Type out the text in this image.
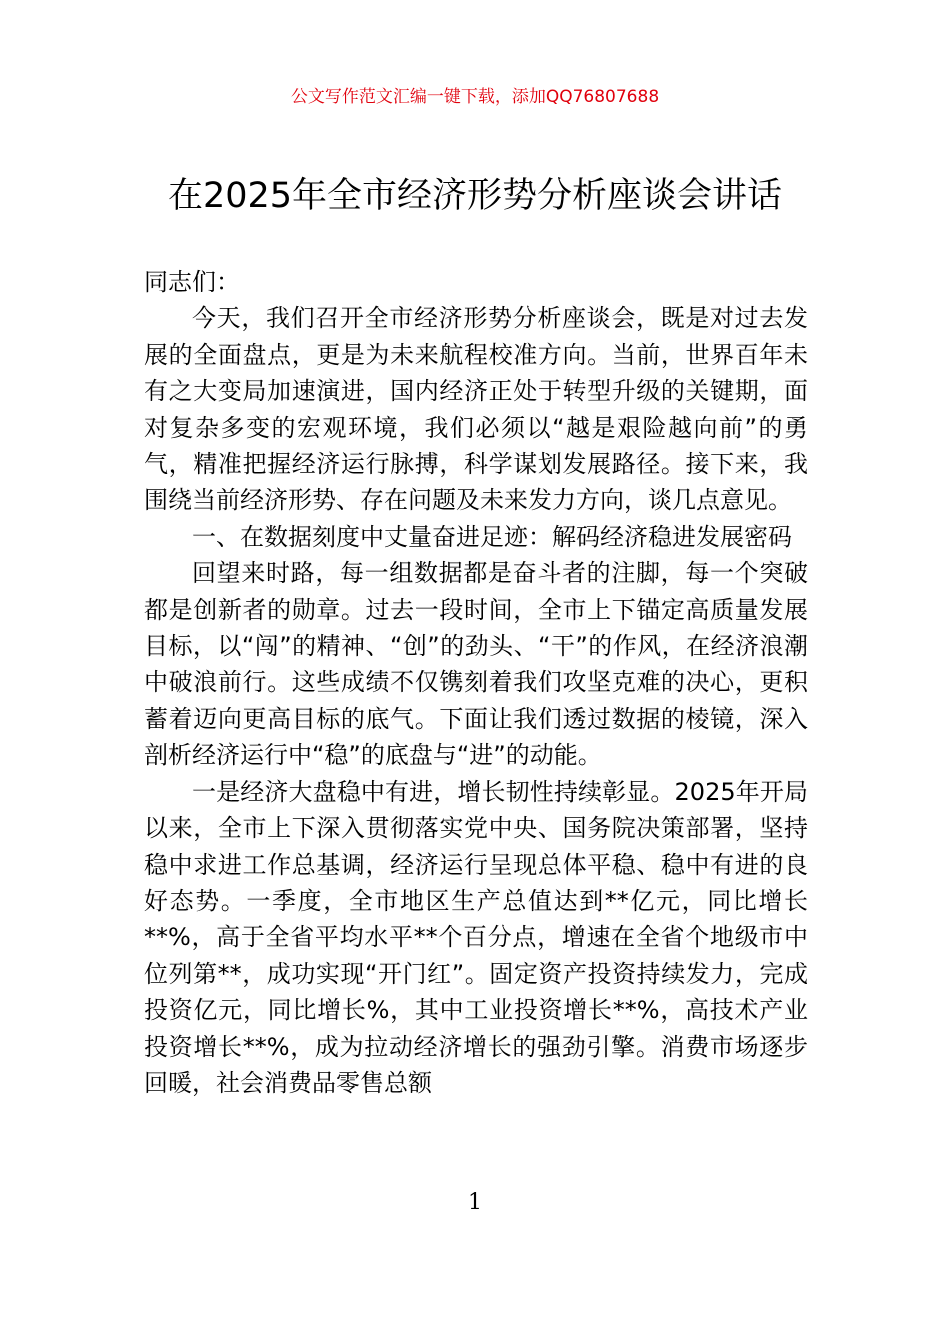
公文写作范文汇编一键下载，添加QQ76807688
在2025年全市经济形势分析座谈会讲话

同志们：

今天，我们召开全市经济形势分析座谈会，既是对过去发展的全面盘点，更是为未来航程校准方向。当前，世界百年未有之大变局加速演进，国内经济正处于转型升级的关键期，面对复杂多变的宏观环境，我们必须以“越是艰险越向前”的勇气，精准把握经济运行脉搏，科学谋划发展路径。接下来，我围绕当前经济形势、存在问题及未来发力方向，谈几点意见。

一、在数据刻度中丈量奋进足迹：解码经济稳进发展密码

回望来时路，每一组数据都是奋斗者的注脚，每一个突破都是创新者的勋章。过去一段时间，全市上下锚定高质量发展目标，以“闯”的精神、“创”的劲头、“干”的作风，在经济浪潮中破浪前行。这些成绩不仅镌刻着我们攻坚克难的决心，更积蓄着迈向更高目标的底气。下面让我们透过数据的棱镜，深入剖析经济运行中“稳”的底盘与“进”的动能。

一是经济大盘稳中有进，增长韧性持续彰显。2025年开局以来，全市上下深入贯彻落实党中央、国务院决策部署，坚持稳中求进工作总基调，经济运行呈现总体平稳、稳中有进的良好态势。一季度，全市地区生产总值达到**亿元，同比增长**%，高于全省平均水平**个百分点，增速在全省个地级市中位列第**，成功实现“开门红”。固定资产投资持续发力，完成投资亿元，同比增长%，其中工业投资增长**%，高技术产业投资增长**%，成为拉动经济增长的强劲引擎。消费市场逐步回暖，社会消费品零售总额

1
